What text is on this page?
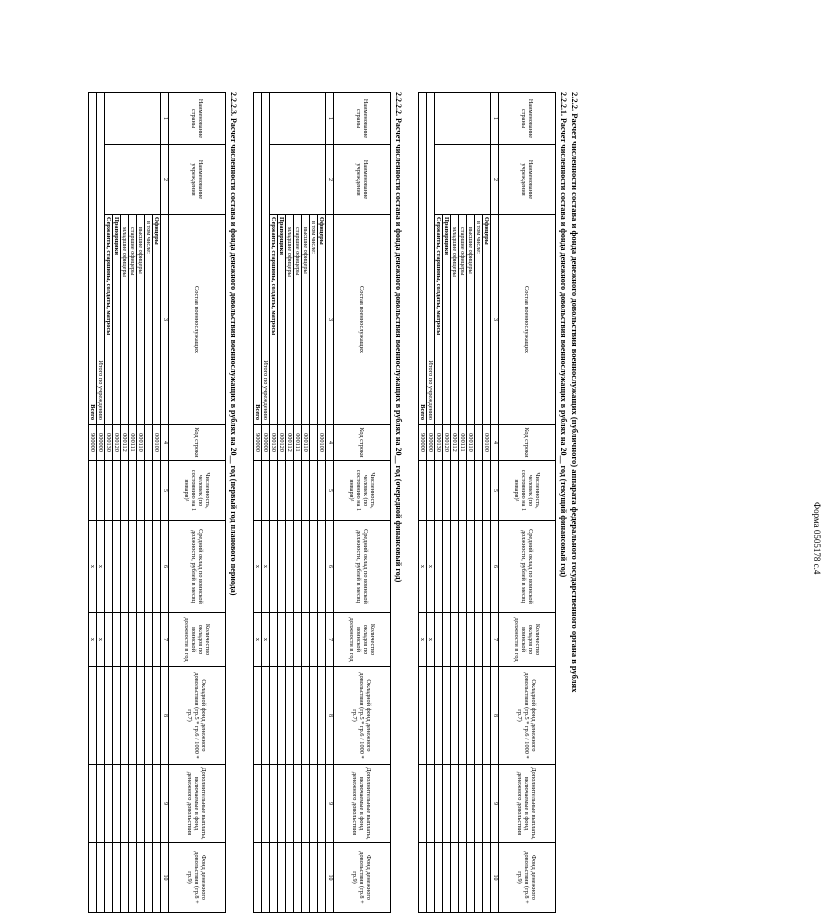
2.2.2. Расчет численности состава и фонда денежного довольствия военнослужащих (публичного) аппарата федерального государственного органа в рублях
2.2.2.1. Расчет численности состава и фонда денежного довольствия военнослужащих в рублях на 20__ год (текущий финансовый год)
Наименование страны	Наименование учреждения	Состав военнослужащих	Код строки	Численность, человек (по состоянию на 1 января)¹	Средний оклад по воинской должности, рублей в месяц	Количество окладов по воинской должности в год	Окладной фонд денежного довольствия (гр.5 * гр.6 / 1000 * гр.7)	Дополнительные выплаты, включаемые в фонд денежного довольствия	Фонд денежного довольствия (гр.8 + гр.9)
1	2	3	4	5	6	7	8	9	10
		Офицеры	000100						
		в том числе:							
		высшие офицеры	000110						
		старшие офицеры	000111						
		младшие офицеры	000112						
		Прапорщики	000120						
		Сержанты, старшины, солдаты, матросы	000130						
Итого по учреждению			000000		x	x			
Всего			900000		x	x			
2.2.2.2. Расчет численности состава и фонда денежного довольствия военнослужащих в рублях на 20__ год (очередной финансовый год)
Наименование страны	Наименование учреждения	Состав военнослужащих	Код строки	Численность, человек (по состоянию на 1 января)¹	Средний оклад по воинской должности, рублей в месяц	Количество окладов по воинской должности в год	Окладной фонд денежного довольствия (гр.5 * гр.6 / 1000 * гр.7)	Дополнительные выплаты, включаемые в фонд денежного довольствия	Фонд денежного довольствия (гр.8 + гр.9)
1	2	3	4	5	6	7	8	9	10
		Офицеры	000100						
		в том числе:							
		высшие офицеры	000110						
		старшие офицеры	000111						
		младшие офицеры	000112						
		Прапорщики	000120						
		Сержанты, старшины, солдаты, матросы	000130						
Итого по учреждению			000000		x	x			
Всего			900000		x	x			
2.2.2.3. Расчет численности состава и фонда денежного довольствия военнослужащих в рублях на 20__ год (первый год планового периода)
Наименование страны	Наименование учреждения	Состав военнослужащих	Код строки	Численность, человек (по состоянию на 1 января)¹	Средний оклад по воинской должности, рублей в месяц	Количество окладов по воинской должности в год	Окладной фонд денежного довольствия (гр.5 * гр.6 / 1000 * гр.7)	Дополнительные выплаты, включаемые в фонд денежного довольствия	Фонд денежного довольствия (гр.8 + гр.9)
1	2	3	4	5	6	7	8	9	10
		Офицеры	000100						
		в том числе:							
		высшие офицеры	000110						
		старшие офицеры	000111						
		младшие офицеры	000112						
		Прапорщики	000120						
		Сержанты, старшины, солдаты, матросы	000130						
Итого по учреждению			000000		x	x			
Всего			900000		x	x			
Форма 0505178 с.4
